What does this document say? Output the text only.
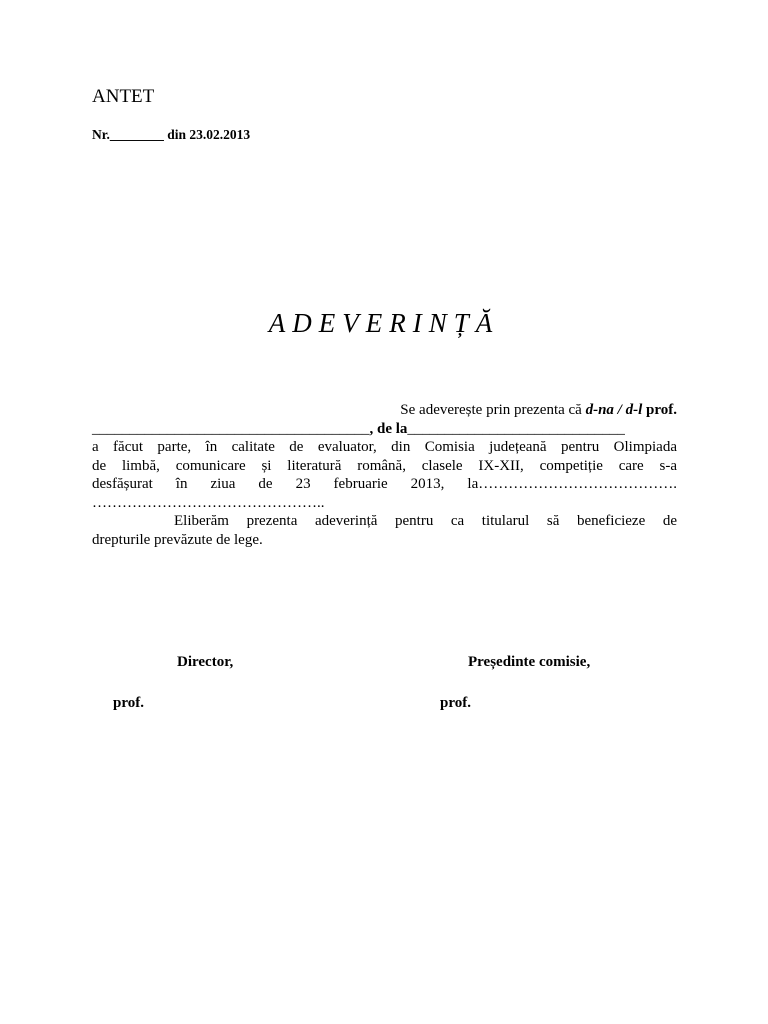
ANTET
Nr.________ din 23.02.2013
ADEVERINȚĂ
Se adeverește prin prezenta că d-na / d-l prof.
_____________________________________, de la_____________________________
a făcut parte, în calitate de evaluator, din Comisia județeană pentru Olimpiada
de limbă, comunicare și literatură română, clasele IX-XII, competiție care s-a
desfășurat în ziua de 23 februarie 2013, la………………………………….
………………………………………..
Eliberăm prezenta adeverință pentru ca titularul să beneficieze de
drepturile prevăzute de lege.
Director,	Președinte comisie,
prof.	prof.
